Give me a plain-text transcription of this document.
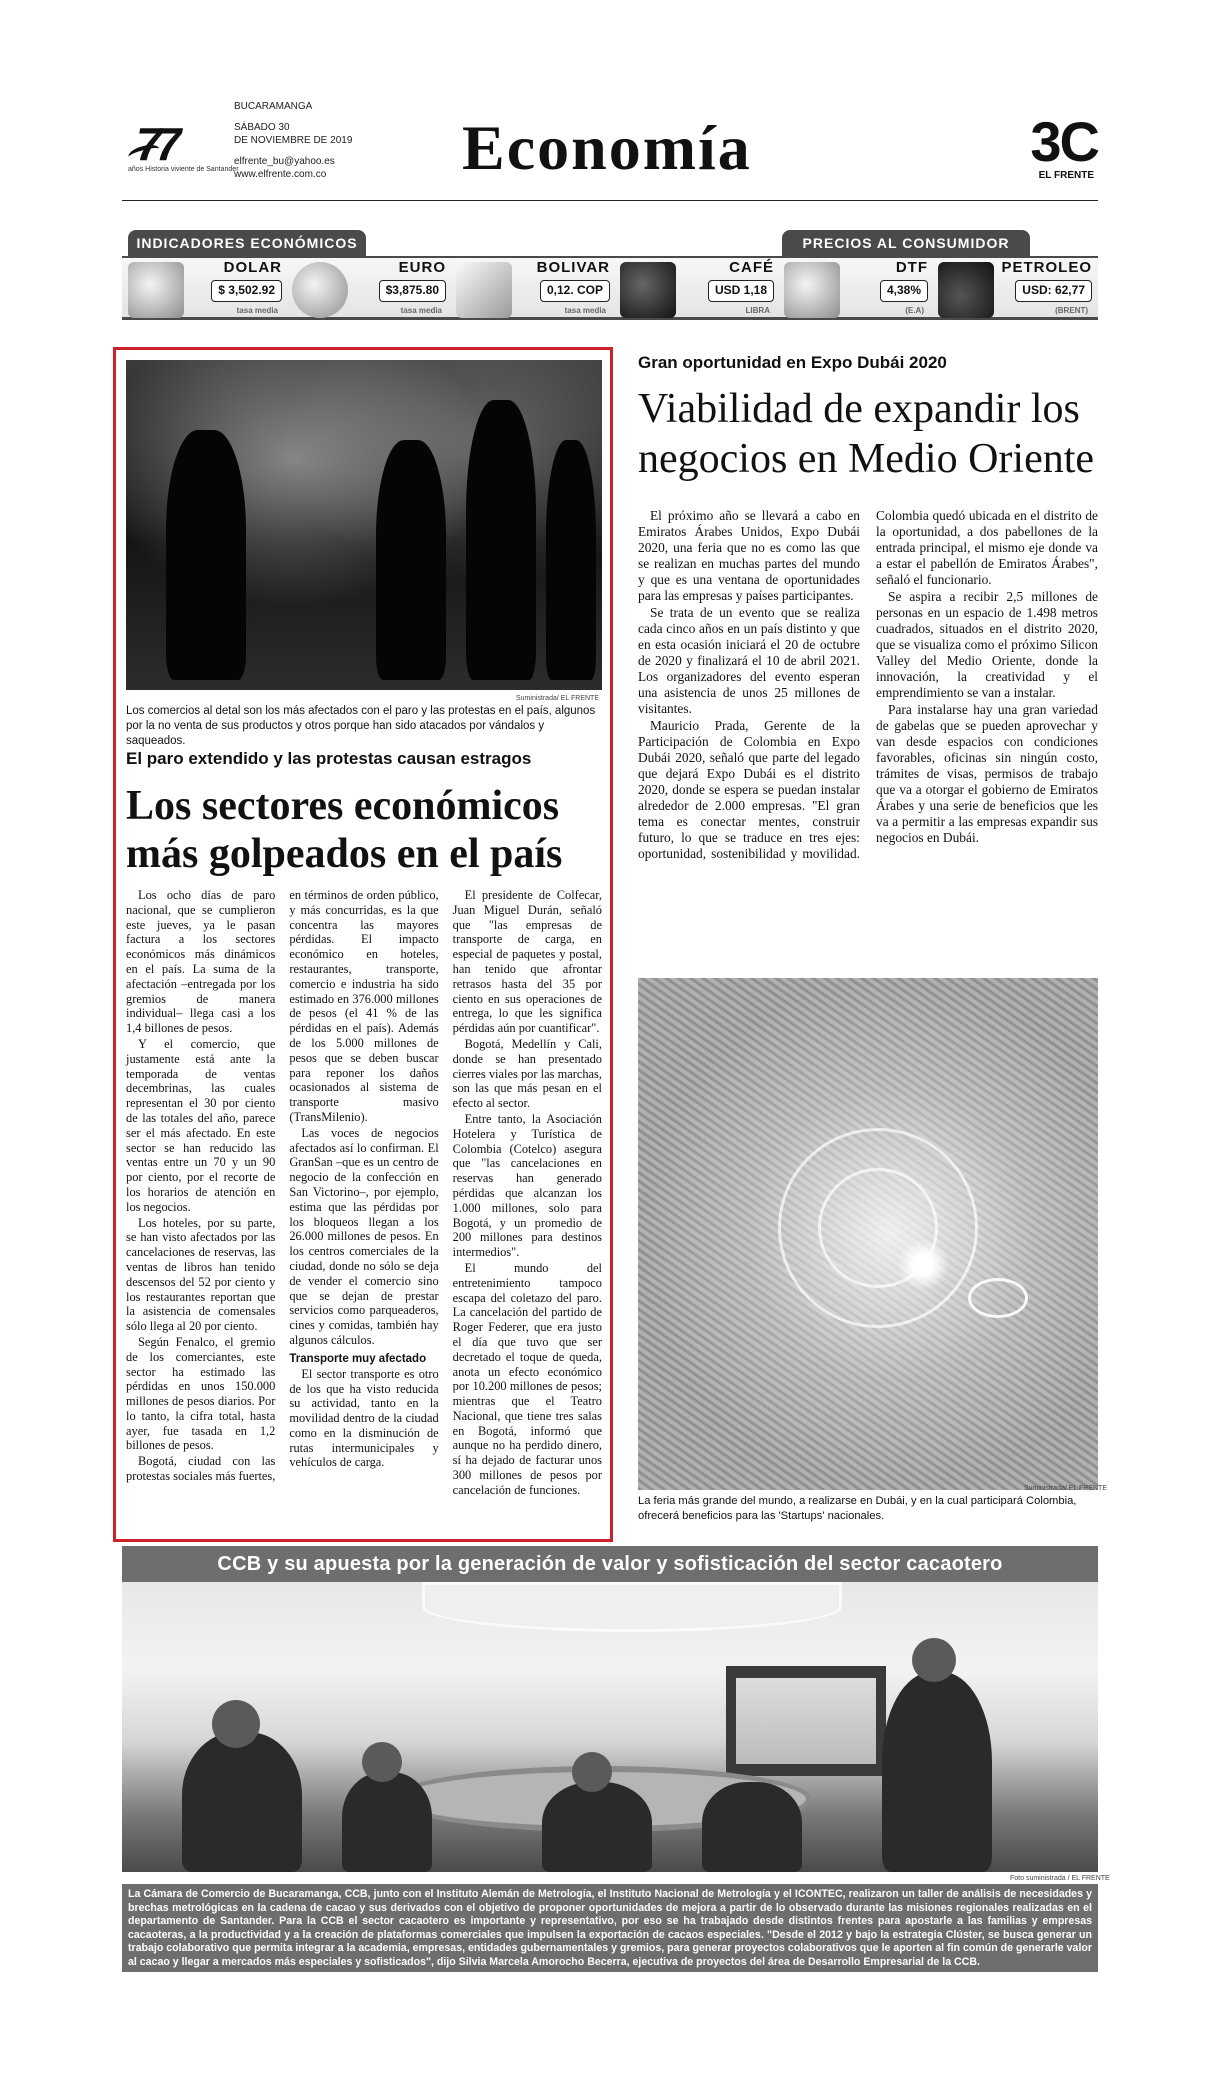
77
años Historia viviente de Santander
BUCARAMANGA
SÁBADO 30
DE NOVIEMBRE DE 2019
elfrente_bu@yahoo.es
www.elfrente.com.co	Economía	3C
EL FRENTE
INDICADORES ECONÓMICOS	PRECIOS AL CONSUMIDOR
DOLAR
$ 3,502.92
tasa media
EURO
$3,875.80
tasa media
BOLIVAR
0,12. COP
tasa media
CAFÉ
USD 1,18
LIBRA
DTF
4,38%
(E.A)
PETROLEO
USD: 62,77
(BRENT)
Suministrada/ EL FRENTE
Los comercios al detal son los más afectados con el paro y las protestas en el país, algunos por la no venta de sus productos y otros porque han sido atacados por vándalos y saqueados.
El paro extendido y las protestas causan estragos
Los sectores económicos más golpeados en el país

Los ocho días de paro nacional, que se cumplieron este jueves, ya le pasan factura a los sectores económicos más dinámicos en el país. La suma de la afectación –entregada por los gremios de manera individual– llega casi a los 1,4 billones de pesos.

Y el comercio, que justamente está ante la temporada de ventas decembrinas, las cuales representan el 30 por ciento de las totales del año, parece ser el más afectado. En este sector se han reducido las ventas entre un 70 y un 90 por ciento, por el recorte de los horarios de atención en los negocios.

Los hoteles, por su parte, se han visto afectados por las cancelaciones de reservas, las ventas de libros han tenido descensos del 52 por ciento y los restaurantes reportan que la asistencia de comensales sólo llega al 20 por ciento.

Según Fenalco, el gremio de los comerciantes, este sector ha estimado las pérdidas en unos 150.000 millones de pesos diarios. Por lo tanto, la cifra total, hasta ayer, fue tasada en 1,2 billones de pesos.

Bogotá, ciudad con las protestas sociales más fuertes, en términos de orden público, y más concurridas, es la que concentra las mayores pérdidas. El impacto económico en hoteles, restaurantes, transporte, comercio e industria ha sido estimado en 376.000 millones de pesos (el 41 % de las pérdidas en el país). Además de los 5.000 millones de pesos que se deben buscar para reponer los daños ocasionados al sistema de transporte masivo (TransMilenio).

Las voces de negocios afectados así lo confirman. El GranSan –que es un centro de negocio de la confección en San Victorino–, por ejemplo, estima que las pérdidas por los bloqueos llegan a los 26.000 millones de pesos. En los centros comerciales de la ciudad, donde no sólo se deja de vender el comercio sino que se dejan de prestar servicios como parqueaderos, cines y comidas, también hay algunos cálculos.

Transporte muy afectado

El sector transporte es otro de los que ha visto reducida su actividad, tanto en la movilidad dentro de la ciudad como en la disminución de rutas intermunicipales y vehículos de carga.

El presidente de Colfecar, Juan Miguel Durán, señaló que "las empresas de transporte de carga, en especial de paquetes y postal, han tenido que afrontar retrasos hasta del 35 por ciento en sus operaciones de entrega, lo que les significa pérdidas aún por cuantificar".

Bogotá, Medellín y Cali, donde se han presentado cierres viales por las marchas, son las que más pesan en el efecto al sector.

Entre tanto, la Asociación Hotelera y Turística de Colombia (Cotelco) asegura que "las cancelaciones en reservas han generado pérdidas que alcanzan los 1.000 millones, solo para Bogotá, y un promedio de 200 millones para destinos intermedios".

El mundo del entretenimiento tampoco escapa del coletazo del paro. La cancelación del partido de Roger Federer, que era justo el día que tuvo que ser decretado el toque de queda, anota un efecto económico por 10.200 millones de pesos; mientras que el Teatro Nacional, que tiene tres salas en Bogotá, informó que aunque no ha perdido dinero, sí ha dejado de facturar unos 300 millones de pesos por cancelación de funciones.

Gran oportunidad en Expo Dubái 2020
Viabilidad de expandir los negocios en Medio Oriente

El próximo año se llevará a cabo en Emiratos Árabes Unidos, Expo Dubái 2020, una feria que no es como las que se realizan en muchas partes del mundo y que es una ventana de oportunidades para las empresas y países participantes.

Se trata de un evento que se realiza cada cinco años en un país distinto y que en esta ocasión iniciará el 20 de octubre de 2020 y finalizará el 10 de abril 2021. Los organizadores del evento esperan una asistencia de unos 25 millones de visitantes.

Mauricio Prada, Gerente de la Participación de Colombia en Expo Dubái 2020, señaló que parte del legado que dejará Expo Dubái es el distrito 2020, donde se espera se puedan instalar alrededor de 2.000 empresas. "El gran tema es conectar mentes, construir futuro, lo que se traduce en tres ejes: oportunidad, sostenibilidad y movilidad. Colombia quedó ubicada en el distrito de la oportunidad, a dos pabellones de la entrada principal, el mismo eje donde va a estar el pabellón de Emiratos Árabes", señaló el funcionario.

Se aspira a recibir 2,5 millones de personas en un espacio de 1.498 metros cuadrados, situados en el distrito 2020, que se visualiza como el próximo Silicon Valley del Medio Oriente, donde la innovación, la creatividad y el emprendimiento se van a instalar.

Para instalarse hay una gran variedad de gabelas que se pueden aprovechar y van desde espacios con condiciones favorables, oficinas sin ningún costo, trámites de visas, permisos de trabajo que va a otorgar el gobierno de Emiratos Árabes y una serie de beneficios que les va a permitir a las empresas expandir sus negocios en Dubái.

Suministrada/ EL FRENTE
La feria más grande del mundo, a realizarse en Dubái, y en la cual participará Colombia, ofrecerá beneficios para las 'Startups' nacionales.
CCB y su apuesta por la generación de valor y sofisticación del sector cacaotero
Foto suministrada / EL FRENTE
La Cámara de Comercio de Bucaramanga, CCB, junto con el Instituto Alemán de Metrología, el Instituto Nacional de Metrología y el ICONTEC, realizaron un taller de análisis de necesidades y brechas metrológicas en la cadena de cacao y sus derivados con el objetivo de proponer oportunidades de mejora a partir de lo observado durante las misiones regionales realizadas en el departamento de Santander. Para la CCB el sector cacaotero es importante y representativo, por eso se ha trabajado desde distintos frentes para apostarle a las familias y empresas cacaoteras, a la productividad y a la creación de plataformas comerciales que impulsen la exportación de cacaos especiales. "Desde el 2012 y bajo la estrategia Clúster, se busca generar un trabajo colaborativo que permita integrar a la academia, empresas, entidades gubernamentales y gremios, para generar proyectos colaborativos que le aporten al fin común de generarle valor al cacao y llegar a mercados más especiales y sofisticados", dijo Silvia Marcela Amorocho Becerra, ejecutiva de proyectos del área de Desarrollo Empresarial de la CCB.
